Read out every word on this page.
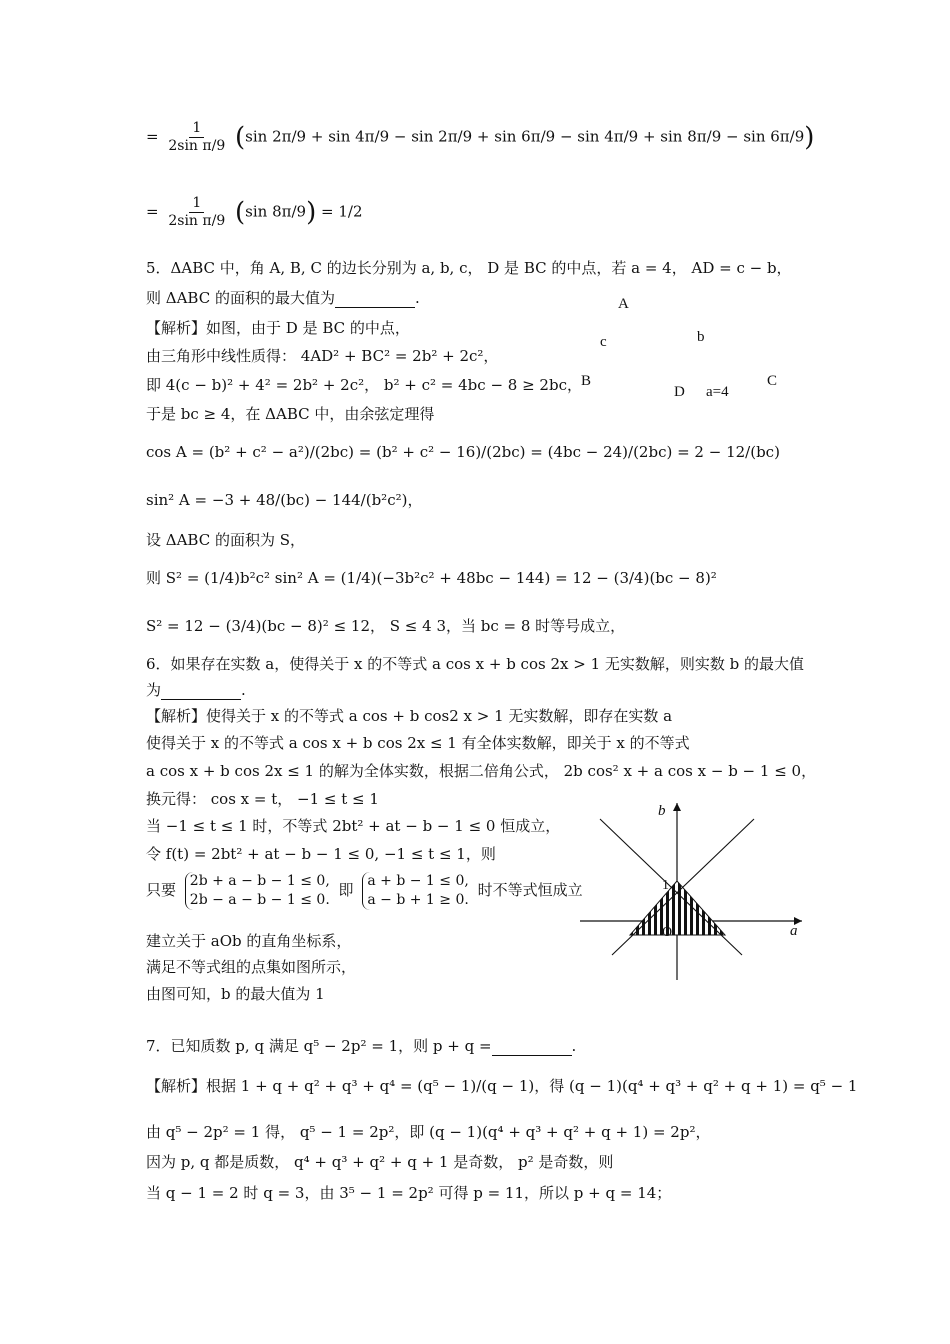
= $\frac{1}{\text{2sin π/9}} (\sin$ 2π/9 + sin 4π/9 − sin 2π/9 + sin 6π/9 − sin 4π/9 + sin 8π/9 − sin 6π/9)
= $\frac{1}{\text{2sin π/9}} (\sin$ 8π/9) = 1/2
5．ΔABC 中，角 A, B, C 的边长分别为 a, b, c， D 是 BC 的中点，若 a = 4， AD = c − b，
则 ΔABC 的面积的最大值为	.
【解析】如图，由于 D 是 BC 的中点，
由三角形中线性质得： 4AD² + BC² = 2b² + 2c²，
即 4(c − b)² + 4² = 2b² + 2c²， b² + c² = 4bc − 8 ≥ 2bc，
于是 bc ≥ 4，在 ΔABC 中，由余弦定理得
cos A = (b² + c² − a²)/(2bc) = (b² + c² − 16)/(2bc) = (4bc − 24)/(2bc) = 2 − 12/(bc)
sin² A = −3 + 48/(bc) − 144/(b²c²)，
设 ΔABC 的面积为 S，
则 S² = (1/4)b²c² sin² A = (1/4)(−3b²c² + 48bc − 144) = 12 − (3/4)(bc − 8)²
S² = 12 − (3/4)(bc − 8)² ≤ 12， S ≤ 4 3，当 bc = 8 时等号成立，
A
c	b
B
D a=4
C
6．如果存在实数 a，使得关于 x 的不等式 a cos x + b cos 2x > 1 无实数解，则实数 b 的最大值
为	.
【解析】使得关于 x 的不等式 a cos + b cos2 x > 1 无实数解，即存在实数 a
使得关于 x 的不等式 a cos x + b cos 2x ≤ 1 有全体实数解，即关于 x 的不等式
a cos x + b cos 2x ≤ 1 的解为全体实数，根据二倍角公式， 2b cos² x + a cos x − b − 1 ≤ 0，
换元得： cos x = t， −1 ≤ t ≤ 1
当 −1 ≤ t ≤ 1 时，不等式 2bt² + at − b − 1 ≤ 0 恒成立，
令 f(t) = 2bt² + at − b − 1 ≤ 0, −1 ≤ t ≤ 1，则
只要 2b + a − b − 1 ≤ 0,
2b − a − b − 1 ≤ 0.
即 a + b − 1 ≤ 0,
a − b + 1 ≥ 0.
时不等式恒成立
建立关于 aOb 的直角坐标系，
满足不等式组的点集如图所示，
由图可知，b 的最大值为 1
b
a
1
O
7．已知质数 p, q 满足 q⁵ − 2p² = 1，则 p + q =	.
【解析】根据 1 + q + q² + q³ + q⁴ = (q⁵ − 1)/(q − 1)，得 (q − 1)(q⁴ + q³ + q² + q + 1) = q⁵ − 1
由 q⁵ − 2p² = 1 得， q⁵ − 1 = 2p²，即 (q − 1)(q⁴ + q³ + q² + q + 1) = 2p²，
因为 p, q 都是质数， q⁴ + q³ + q² + q + 1 是奇数， p² 是奇数，则
当 q − 1 = 2 时 q = 3，由 3⁵ − 1 = 2p² 可得 p = 11，所以 p + q = 14；
